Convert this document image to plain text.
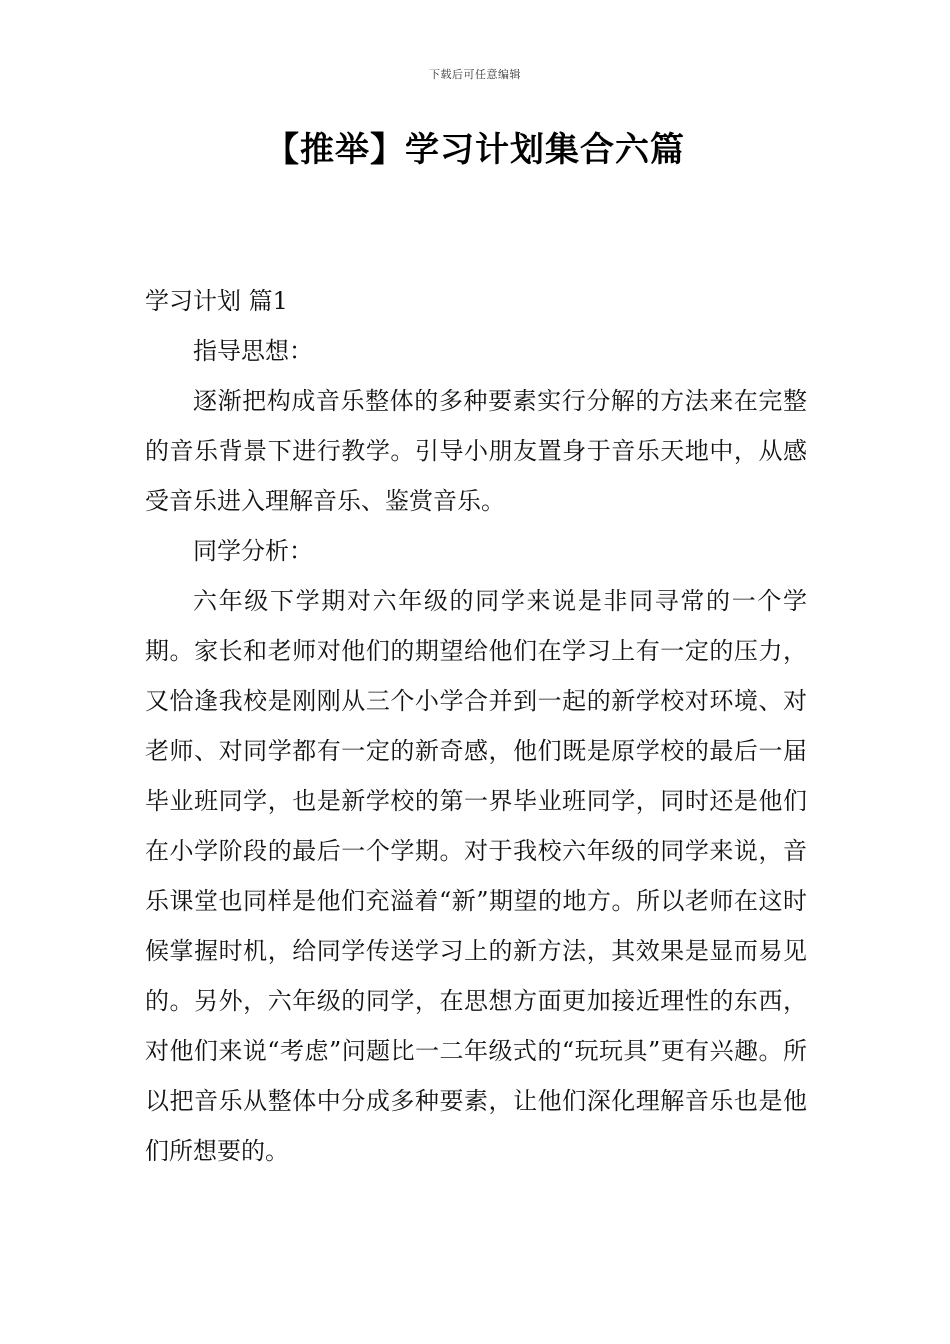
下载后可任意编辑
【推举】学习计划集合六篇

学习计划 篇1

指导思想：

逐渐把构成音乐整体的多种要素实行分解的方法来在完整的音乐背景下进行教学。引导小朋友置身于音乐天地中，从感受音乐进入理解音乐、鉴赏音乐。

同学分析：

六年级下学期对六年级的同学来说是非同寻常的一个学期。家长和老师对他们的期望给他们在学习上有一定的压力，又恰逢我校是刚刚从三个小学合并到一起的新学校对环境、对老师、对同学都有一定的新奇感，他们既是原学校的最后一届毕业班同学，也是新学校的第一界毕业班同学，同时还是他们在小学阶段的最后一个学期。对于我校六年级的同学来说，音乐课堂也同样是他们充溢着“新”期望的地方。所以老师在这时候掌握时机，给同学传送学习上的新方法，其效果是显而易见的。另外，六年级的同学，在思想方面更加接近理性的东西，对他们来说“考虑”问题比一二年级式的“玩玩具”更有兴趣。所以把音乐从整体中分成多种要素，让他们深化理解音乐也是他们所想要的。
